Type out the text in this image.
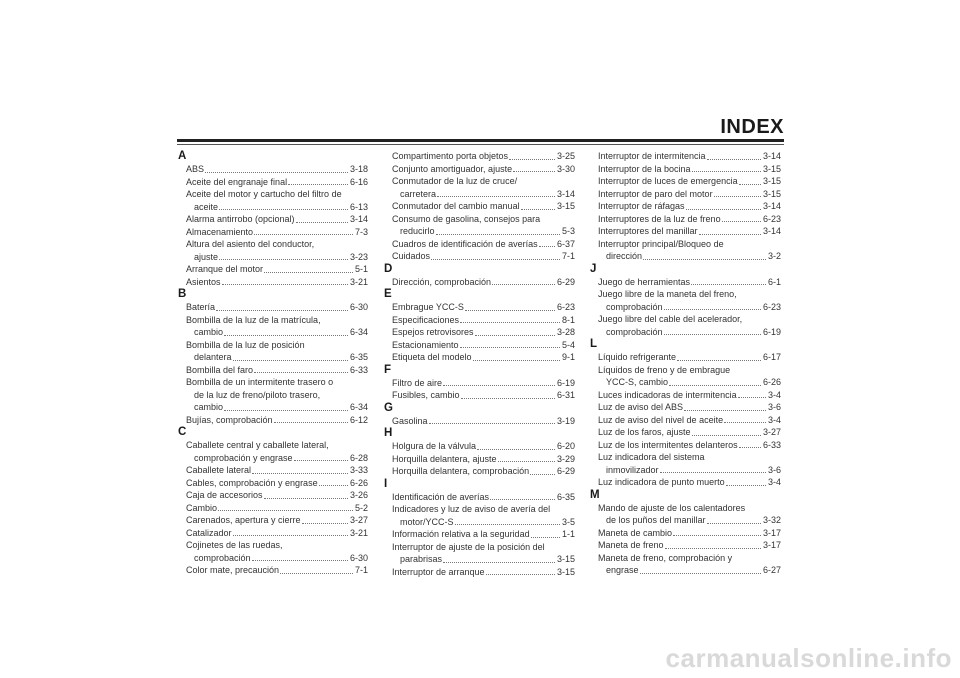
INDEX
A
ABS	3-18
Aceite del engranaje final	6-16
Aceite del motor y cartucho del filtro de
aceite	6-13
Alarma antirrobo (opcional)	3-14
Almacenamiento	7-3
Altura del asiento del conductor,
ajuste	3-23
Arranque del motor	5-1
Asientos	3-21
B
Batería	6-30
Bombilla de la luz de la matrícula,
cambio	6-34
Bombilla de la luz de posición
delantera	6-35
Bombilla del faro	6-33
Bombilla de un intermitente trasero o
de la luz de freno/piloto trasero,
cambio	6-34
Bujías, comprobación	6-12
C
Caballete central y caballete lateral,
comprobación y engrase	6-28
Caballete lateral	3-33
Cables, comprobación y engrase	6-26
Caja de accesorios	3-26
Cambio	5-2
Carenados, apertura y cierre	3-27
Catalizador	3-21
Cojinetes de las ruedas,
comprobación	6-30
Color mate, precaución	7-1
Compartimento porta objetos	3-25
Conjunto amortiguador, ajuste	3-30
Conmutador de la luz de cruce/
carretera	3-14
Conmutador del cambio manual	3-15
Consumo de gasolina, consejos para
reducirlo	5-3
Cuadros de identificación de averías 6-37
Cuidados	7-1
D
Dirección, comprobación	6-29
E
Embrague YCC-S	6-23
Especificaciones	8-1
Espejos retrovisores	3-28
Estacionamiento	5-4
Etiqueta del modelo	9-1
F
Filtro de aire	6-19
Fusibles, cambio	6-31
G
Gasolina	3-19
H
Holgura de la válvula	6-20
Horquilla delantera, ajuste	3-29
Horquilla delantera, comprobación	6-29
I
Identificación de averías	6-35
Indicadores y luz de aviso de avería del
motor/YCC-S	3-5
Información relativa a la seguridad	1-1
Interruptor de ajuste de la posición del
parabrisas	3-15
Interruptor de arranque	3-15
Interruptor de intermitencia	3-14
Interruptor de la bocina	3-15
Interruptor de luces de emergencia	3-15
Interruptor de paro del motor	3-15
Interruptor de ráfagas	3-14
Interruptores de la luz de freno	6-23
Interruptores del manillar	3-14
Interruptor principal/Bloqueo de
dirección	3-2
J
Juego de herramientas	6-1
Juego libre de la maneta del freno,
comprobación	6-23
Juego libre del cable del acelerador,
comprobación	6-19
L
Líquido refrigerante	6-17
Líquidos de freno y de embrague
YCC-S, cambio	6-26
Luces indicadoras de intermitencia	3-4
Luz de aviso del ABS	3-6
Luz de aviso del nivel de aceite	3-4
Luz de los faros, ajuste	3-27
Luz de los intermitentes delanteros	6-33
Luz indicadora del sistema
inmovilizador	3-6
Luz indicadora de punto muerto	3-4
M
Mando de ajuste de los calentadores
de los puños del manillar	3-32
Maneta de cambio	3-17
Maneta de freno	3-17
Maneta de freno, comprobación y
engrase	6-27
carmanualsonline.info
